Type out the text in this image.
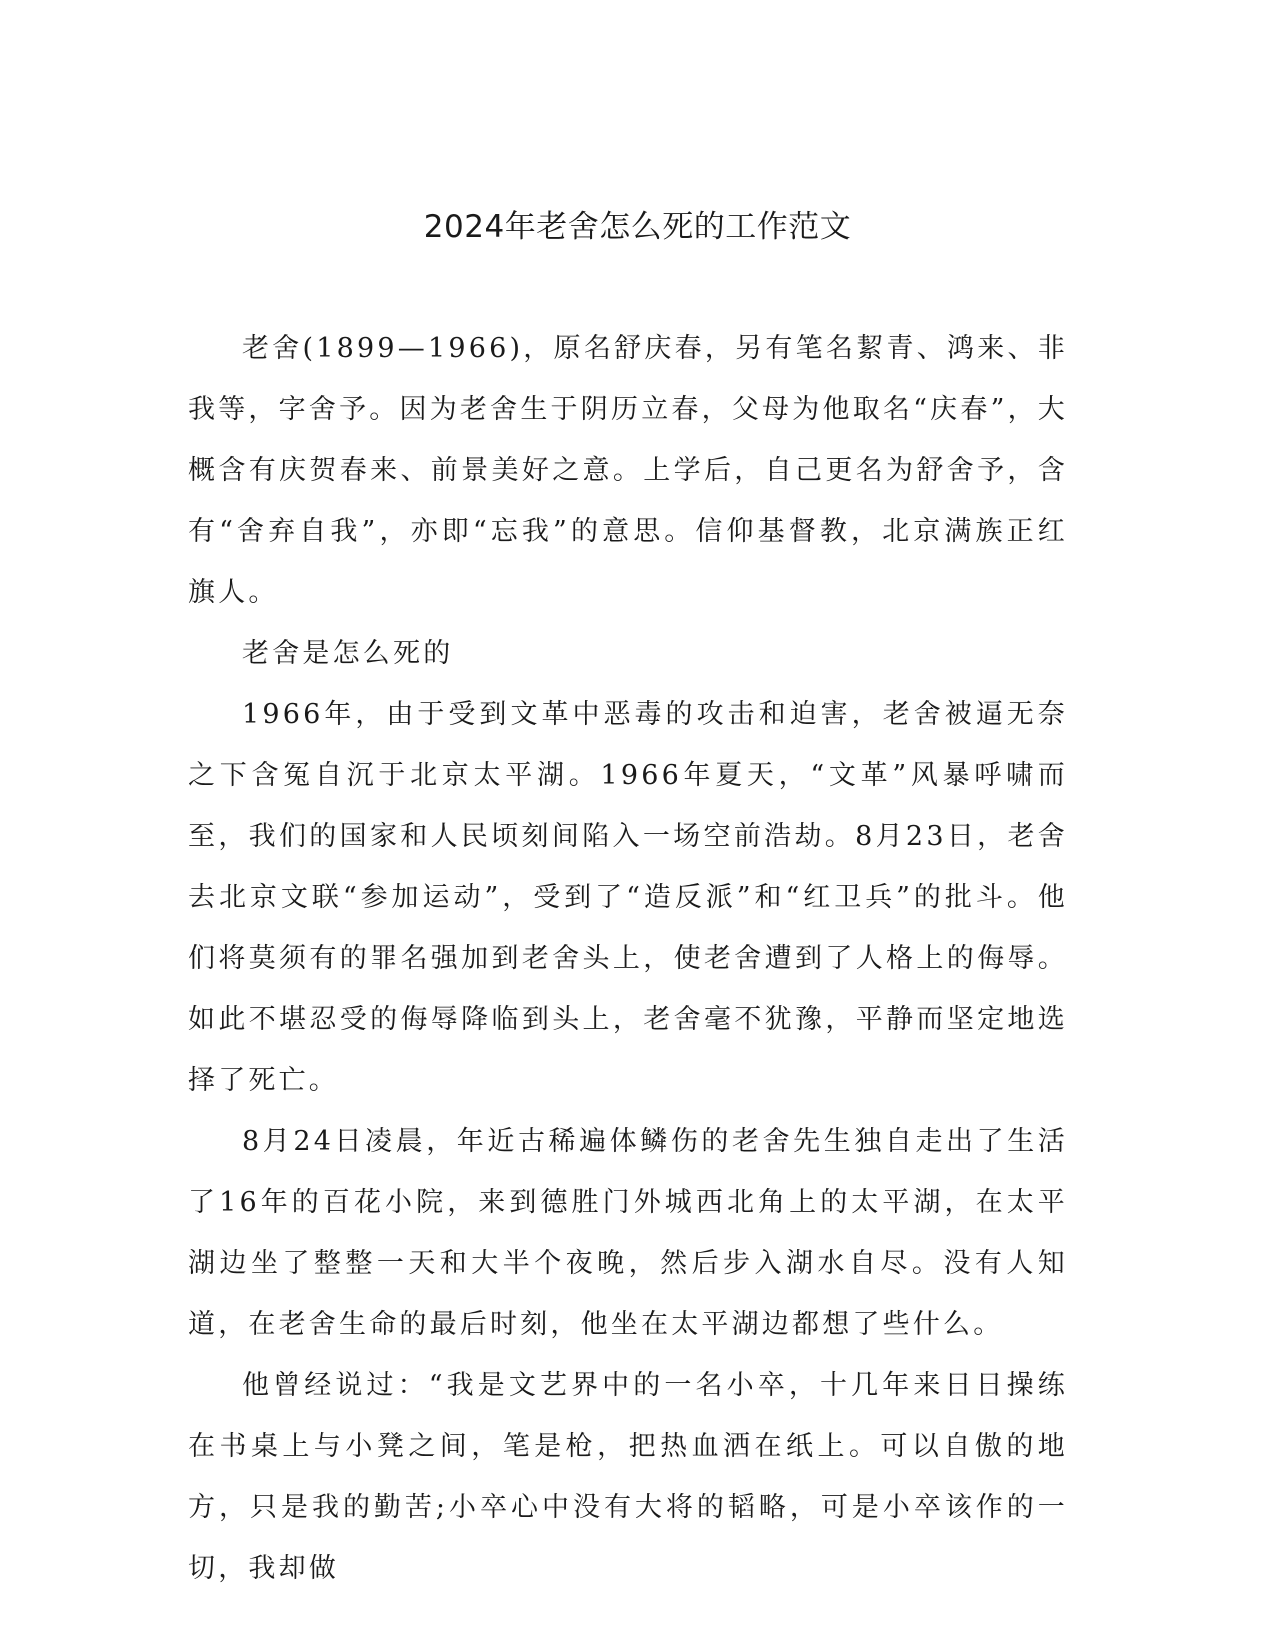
2024年老舍怎么死的工作范文

老舍(1899—1966)，原名舒庆春，另有笔名絜青、鸿来、非我等，字舍予。因为老舍生于阴历立春，父母为他取名“庆春”，大概含有庆贺春来、前景美好之意。上学后，自己更名为舒舍予，含有“舍弃自我”，亦即“忘我”的意思。信仰基督教，北京满族正红旗人。

老舍是怎么死的

1966年，由于受到文革中恶毒的攻击和迫害，老舍被逼无奈之下含冤自沉于北京太平湖。1966年夏天，“文革”风暴呼啸而至，我们的国家和人民顷刻间陷入一场空前浩劫。8月23日，老舍去北京文联“参加运动”，受到了“造反派”和“红卫兵”的批斗。他们将莫须有的罪名强加到老舍头上，使老舍遭到了人格上的侮辱。如此不堪忍受的侮辱降临到头上，老舍毫不犹豫，平静而坚定地选择了死亡。

8月24日凌晨，年近古稀遍体鳞伤的老舍先生独自走出了生活了16年的百花小院，来到德胜门外城西北角上的太平湖，在太平湖边坐了整整一天和大半个夜晚，然后步入湖水自尽。没有人知道，在老舍生命的最后时刻，他坐在太平湖边都想了些什么。

他曾经说过：“我是文艺界中的一名小卒，十几年来日日操练在书桌上与小凳之间，笔是枪，把热血洒在纸上。可以自傲的地方，只是我的勤苦;小卒心中没有大将的韬略，可是小卒该作的一切，我却做
